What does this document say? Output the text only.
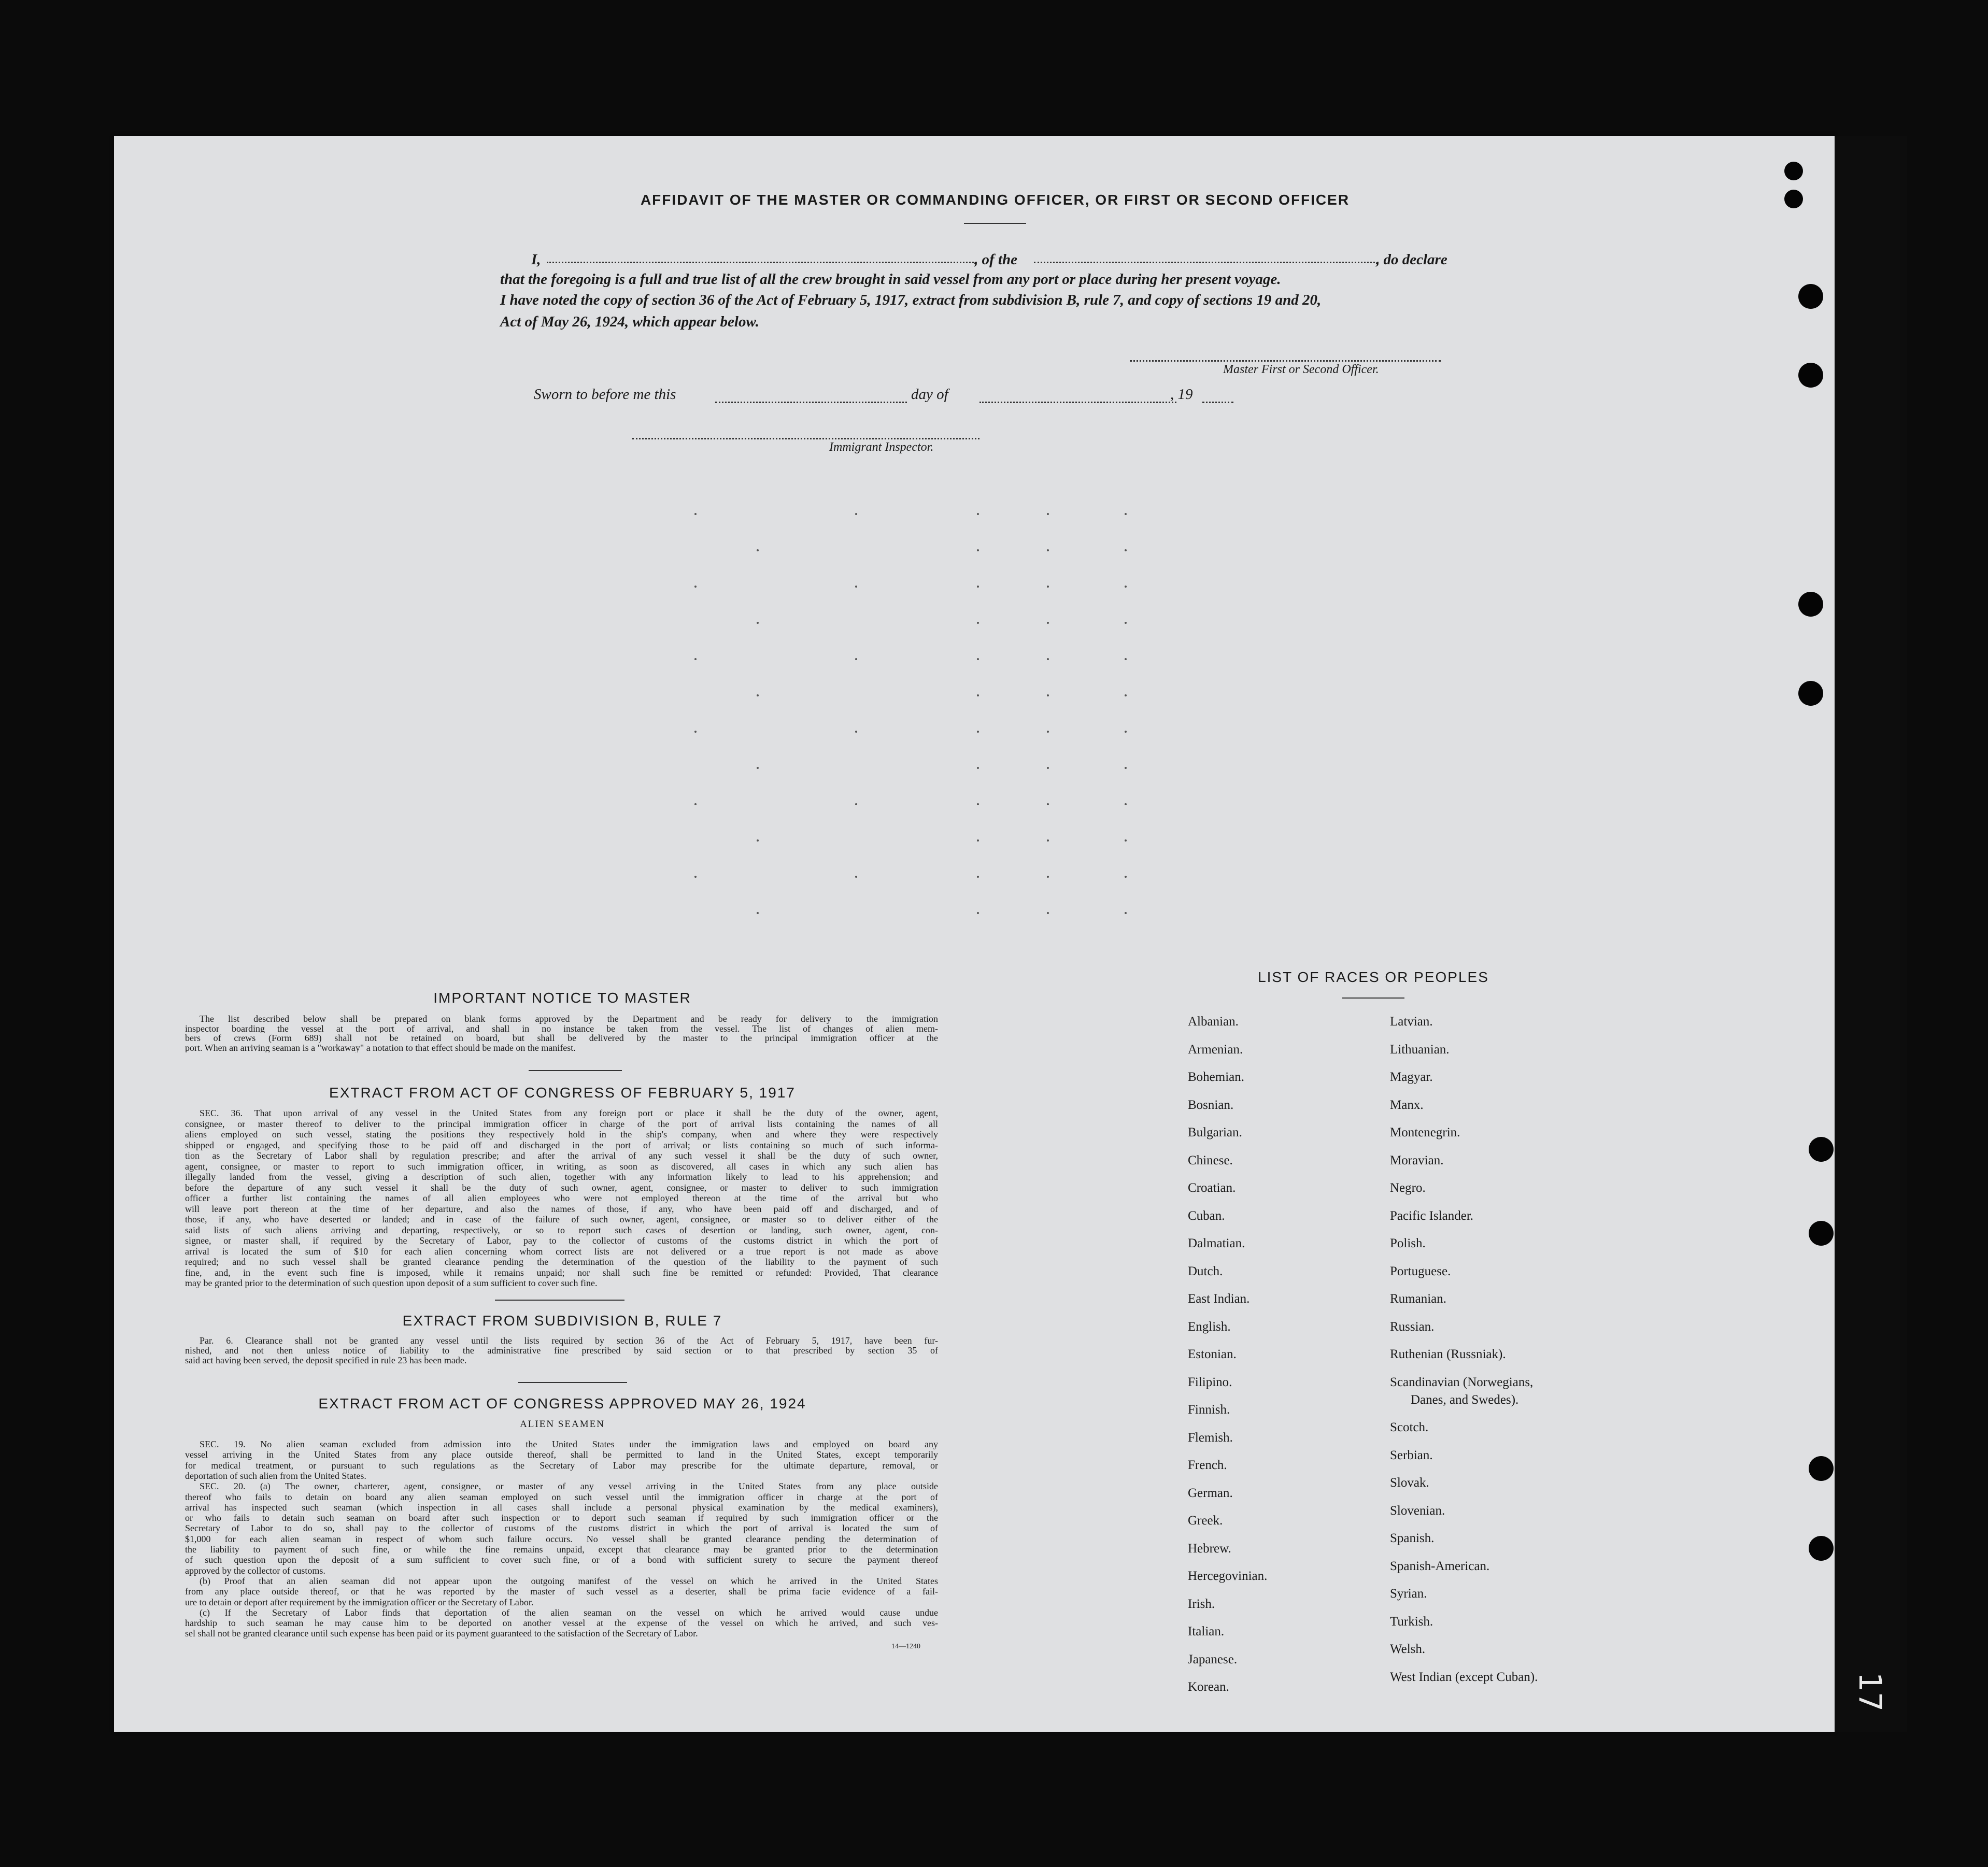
17
AFFIDAVIT OF THE MASTER OR COMMANDING OFFICER, OR FIRST OR SECOND OFFICER
I,	, of the	, do declare
that the foregoing is a full and true list of all the crew brought in said vessel from any port or place during her present voyage.
I have noted the copy of section 36 of the Act of February 5, 1917, extract from subdivision B, rule 7, and copy of sections 19 and 20,
Act of May 26, 1924, which appear below.
Master First or Second Officer.
Sworn to before me this	day of	, 19
Immigrant Inspector.
IMPORTANT NOTICE TO MASTER
The list described below shall be prepared on blank forms approved by the Department and be ready for delivery to the immigration
inspector boarding the vessel at the port of arrival, and shall in no instance be taken from the vessel. The list of changes of alien mem-
bers of crews (Form 689) shall not be retained on board, but shall be delivered by the master to the principal immigration officer at the
port. When an arriving seaman is a "workaway" a notation to that effect should be made on the manifest.
EXTRACT FROM ACT OF CONGRESS OF FEBRUARY 5, 1917
SEC. 36. That upon arrival of any vessel in the United States from any foreign port or place it shall be the duty of the owner, agent,
consignee, or master thereof to deliver to the principal immigration officer in charge of the port of arrival lists containing the names of all
aliens employed on such vessel, stating the positions they respectively hold in the ship's company, when and where they were respectively
shipped or engaged, and specifying those to be paid off and discharged in the port of arrival; or lists containing so much of such informa-
tion as the Secretary of Labor shall by regulation prescribe; and after the arrival of any such vessel it shall be the duty of such owner,
agent, consignee, or master to report to such immigration officer, in writing, as soon as discovered, all cases in which any such alien has
illegally landed from the vessel, giving a description of such alien, together with any information likely to lead to his apprehension; and
before the departure of any such vessel it shall be the duty of such owner, agent, consignee, or master to deliver to such immigration
officer a further list containing the names of all alien employees who were not employed thereon at the time of the arrival but who
will leave port thereon at the time of her departure, and also the names of those, if any, who have been paid off and discharged, and of
those, if any, who have deserted or landed; and in case of the failure of such owner, agent, consignee, or master so to deliver either of the
said lists of such aliens arriving and departing, respectively, or so to report such cases of desertion or landing, such owner, agent, con-
signee, or master shall, if required by the Secretary of Labor, pay to the collector of customs of the customs district in which the port of
arrival is located the sum of $10 for each alien concerning whom correct lists are not delivered or a true report is not made as above
required; and no such vessel shall be granted clearance pending the determination of the question of the liability to the payment of such
fine, and, in the event such fine is imposed, while it remains unpaid; nor shall such fine be remitted or refunded: Provided, That clearance
may be granted prior to the determination of such question upon deposit of a sum sufficient to cover such fine.
EXTRACT FROM SUBDIVISION B, RULE 7
Par. 6. Clearance shall not be granted any vessel until the lists required by section 36 of the Act of February 5, 1917, have been fur-
nished, and not then unless notice of liability to the administrative fine prescribed by said section or to that prescribed by section 35 of
said act having been served, the deposit specified in rule 23 has been made.
EXTRACT FROM ACT OF CONGRESS APPROVED MAY 26, 1924
ALIEN SEAMEN
SEC. 19. No alien seaman excluded from admission into the United States under the immigration laws and employed on board any
vessel arriving in the United States from any place outside thereof, shall be permitted to land in the United States, except temporarily
for medical treatment, or pursuant to such regulations as the Secretary of Labor may prescribe for the ultimate departure, removal, or
deportation of such alien from the United States.
SEC. 20. (a) The owner, charterer, agent, consignee, or master of any vessel arriving in the United States from any place outside
thereof who fails to detain on board any alien seaman employed on such vessel until the immigration officer in charge at the port of
arrival has inspected such seaman (which inspection in all cases shall include a personal physical examination by the medical examiners),
or who fails to detain such seaman on board after such inspection or to deport such seaman if required by such immigration officer or the
Secretary of Labor to do so, shall pay to the collector of customs of the customs district in which the port of arrival is located the sum of
$1,000 for each alien seaman in respect of whom such failure occurs. No vessel shall be granted clearance pending the determination of
the liability to payment of such fine, or while the fine remains unpaid, except that clearance may be granted prior to the determination
of such question upon the deposit of a sum sufficient to cover such fine, or of a bond with sufficient surety to secure the payment thereof
approved by the collector of customs.
(b) Proof that an alien seaman did not appear upon the outgoing manifest of the vessel on which he arrived in the United States
from any place outside thereof, or that he was reported by the master of such vessel as a deserter, shall be prima facie evidence of a fail-
ure to detain or deport after requirement by the immigration officer or the Secretary of Labor.
(c) If the Secretary of Labor finds that deportation of the alien seaman on the vessel on which he arrived would cause undue
hardship to such seaman he may cause him to be deported on another vessel at the expense of the vessel on which he arrived, and such ves-
sel shall not be granted clearance until such expense has been paid or its payment guaranteed to the satisfaction of the Secretary of Labor.
14—1240
LIST OF RACES OR PEOPLES
Albanian.
Armenian.
Bohemian.
Bosnian.
Bulgarian.
Chinese.
Croatian.
Cuban.
Dalmatian.
Dutch.
East Indian.
English.
Estonian.
Filipino.
Finnish.
Flemish.
French.
German.
Greek.
Hebrew.
Hercegovinian.
Irish.
Italian.
Japanese.
Korean.
Latvian.
Lithuanian.
Magyar.
Manx.
Montenegrin.
Moravian.
Negro.
Pacific Islander.
Polish.
Portuguese.
Rumanian.
Russian.
Ruthenian (Russniak).
Scandinavian (Norwegians,
Danes, and Swedes).
Scotch.
Serbian.
Slovak.
Slovenian.
Spanish.
Spanish-American.
Syrian.
Turkish.
Welsh.
West Indian (except Cuban).
